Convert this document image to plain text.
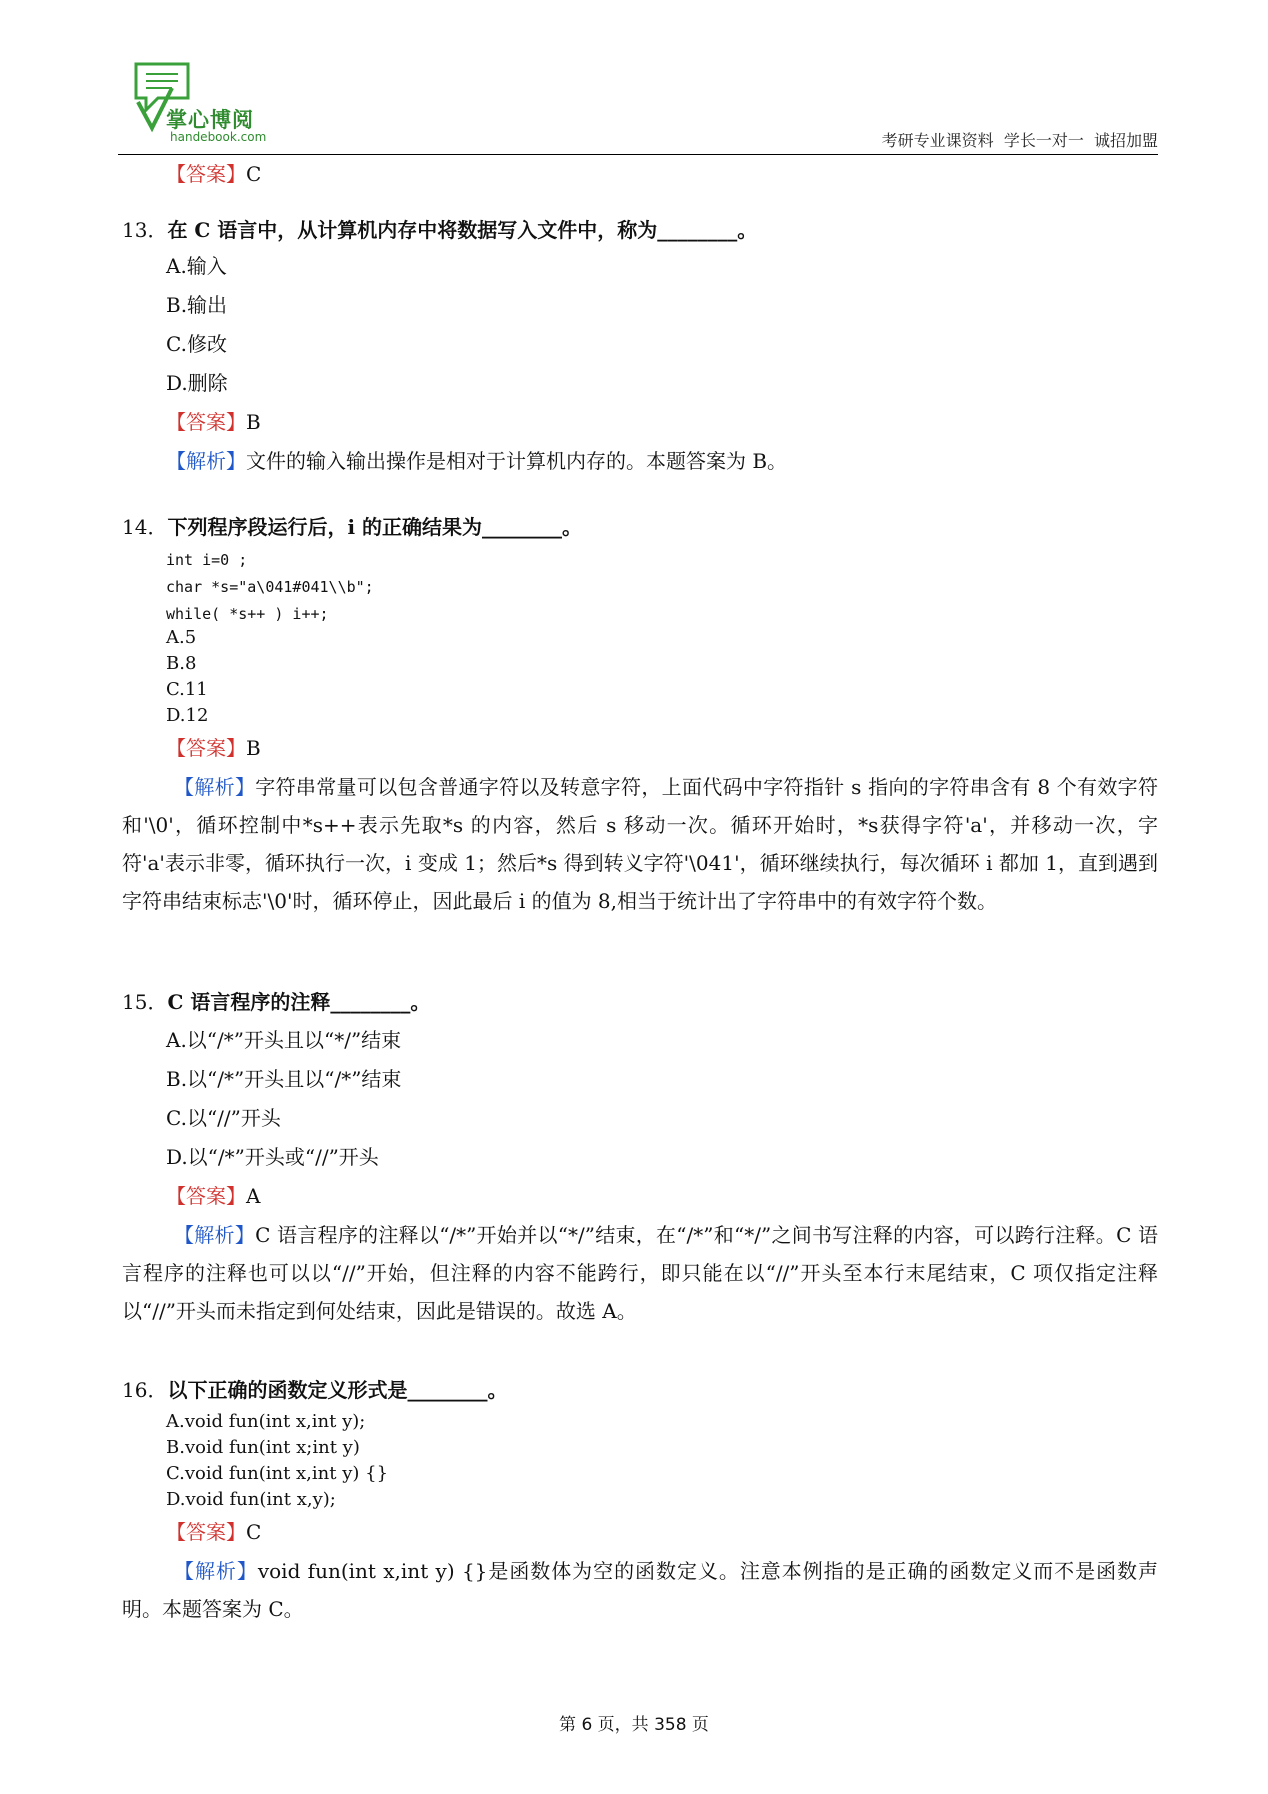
掌心博阅
handebook.com	考研专业课资料  学长一对一  诚招加盟
【答案】C
13．在 C 语言中，从计算机内存中将数据写入文件中，称为________。
A.输入
B.输出
C.修改
D.删除
【答案】B
【解析】文件的输入输出操作是相对于计算机内存的。本题答案为 B。
14．下列程序段运行后，i 的正确结果为________。
int i=0 ;
char *s="a\041#041\\b";
while( *s++ ) i++;
A.5
B.8
C.11
D.12
【答案】B
【解析】字符串常量可以包含普通字符以及转意字符，上面代码中字符指针 s 指向的字符串含有 8 个有效字符和'\0'，循环控制中*s++表示先取*s 的内容，然后 s 移动一次。循环开始时，*s获得字符'a'，并移动一次，字符'a'表示非零，循环执行一次，i 变成 1；然后*s 得到转义字符'\041'，循环继续执行，每次循环 i 都加 1，直到遇到字符串结束标志'\0'时，循环停止，因此最后 i 的值为 8,相当于统计出了字符串中的有效字符个数。
15．C 语言程序的注释________。
A.以“/*”开头且以“*/”结束
B.以“/*”开头且以“/*”结束
C.以“//”开头
D.以“/*”开头或“//”开头
【答案】A
【解析】C 语言程序的注释以“/*”开始并以“*/”结束，在“/*”和“*/”之间书写注释的内容，可以跨行注释。C 语言程序的注释也可以以“//”开始，但注释的内容不能跨行，即只能在以“//”开头至本行末尾结束，C 项仅指定注释以“//”开头而未指定到何处结束，因此是错误的。故选 A。
16．以下正确的函数定义形式是________。
A.void fun(int x,int y);
B.void fun(int x;int y)
C.void fun(int x,int y) {}
D.void fun(int x,y);
【答案】C
【解析】void fun(int x,int y) {}是函数体为空的函数定义。注意本例指的是正确的函数定义而不是函数声明。本题答案为 C。
第 6 页，共 358 页
